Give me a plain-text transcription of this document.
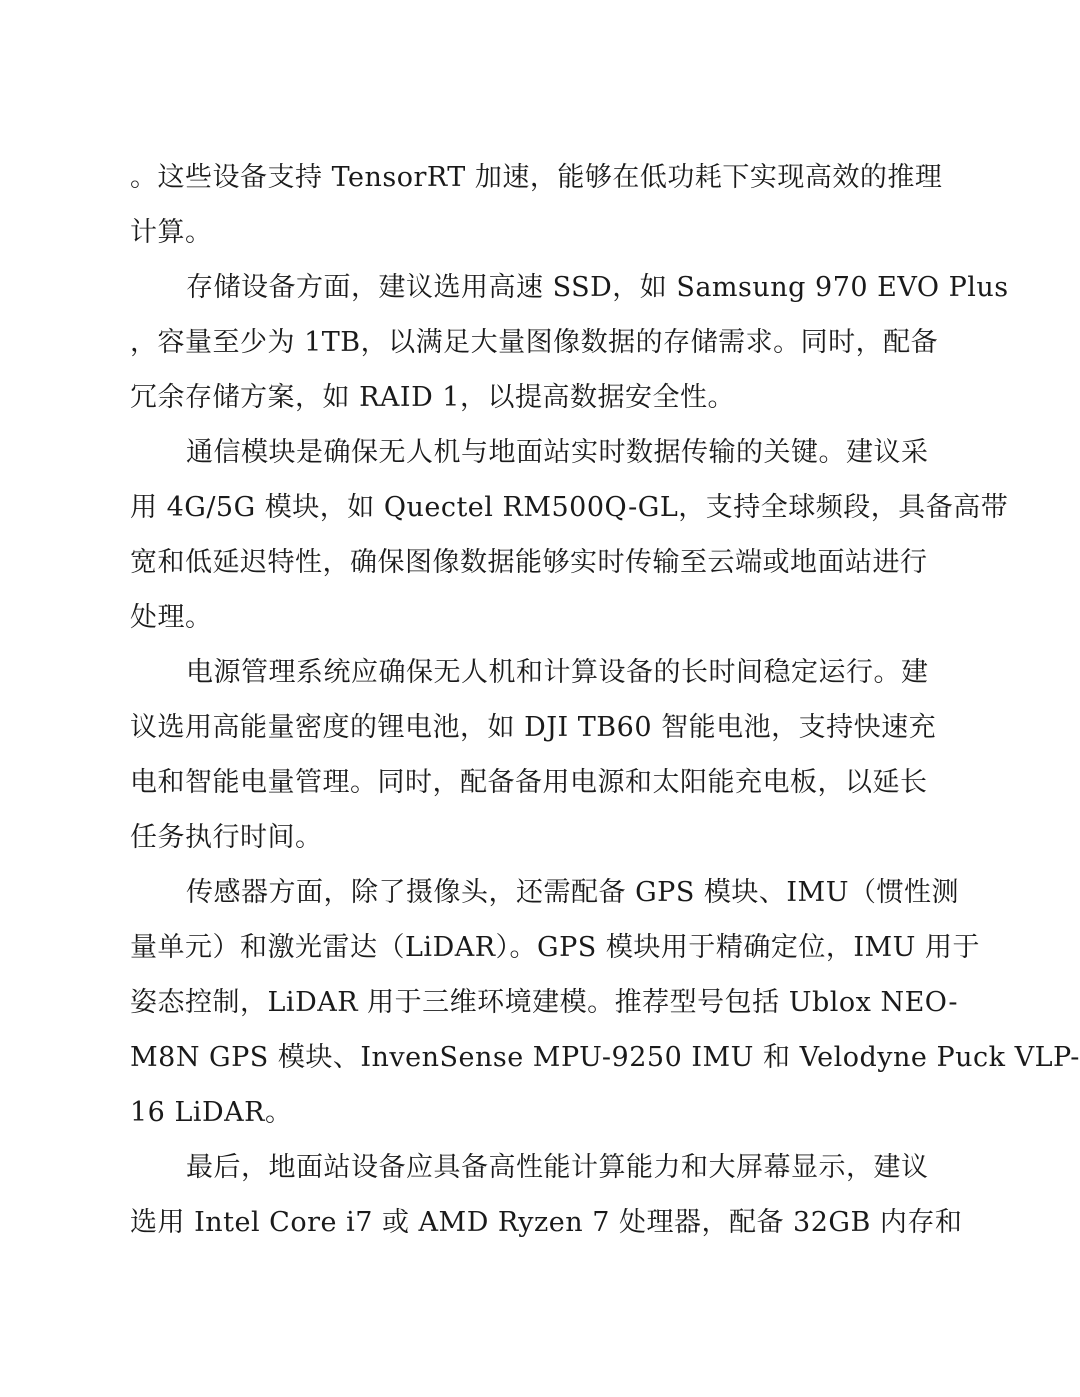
。这些设备支持 TensorRT 加速，能够在低功耗下实现高效的推理
计算。
存储设备方面，建议选用高速 SSD，如 Samsung 970 EVO Plus
，容量至少为 1TB，以满足大量图像数据的存储需求。同时，配备
冗余存储方案，如 RAID 1，以提高数据安全性。
通信模块是确保无人机与地面站实时数据传输的关键。建议采
用 4G/5G 模块，如 Quectel RM500Q-GL，支持全球频段，具备高带
宽和低延迟特性，确保图像数据能够实时传输至云端或地面站进行
处理。
电源管理系统应确保无人机和计算设备的长时间稳定运行。建
议选用高能量密度的锂电池，如 DJI TB60 智能电池，支持快速充
电和智能电量管理。同时，配备备用电源和太阳能充电板，以延长
任务执行时间。
传感器方面，除了摄像头，还需配备 GPS 模块、IMU（惯性测
量单元）和激光雷达（LiDAR）。GPS 模块用于精确定位，IMU 用于
姿态控制，LiDAR 用于三维环境建模。推荐型号包括 Ublox NEO-
M8N GPS 模块、InvenSense MPU-9250 IMU 和 Velodyne Puck VLP-
16 LiDAR。
最后，地面站设备应具备高性能计算能力和大屏幕显示，建议
选用 Intel Core i7 或 AMD Ryzen 7 处理器，配备 32GB 内存和
